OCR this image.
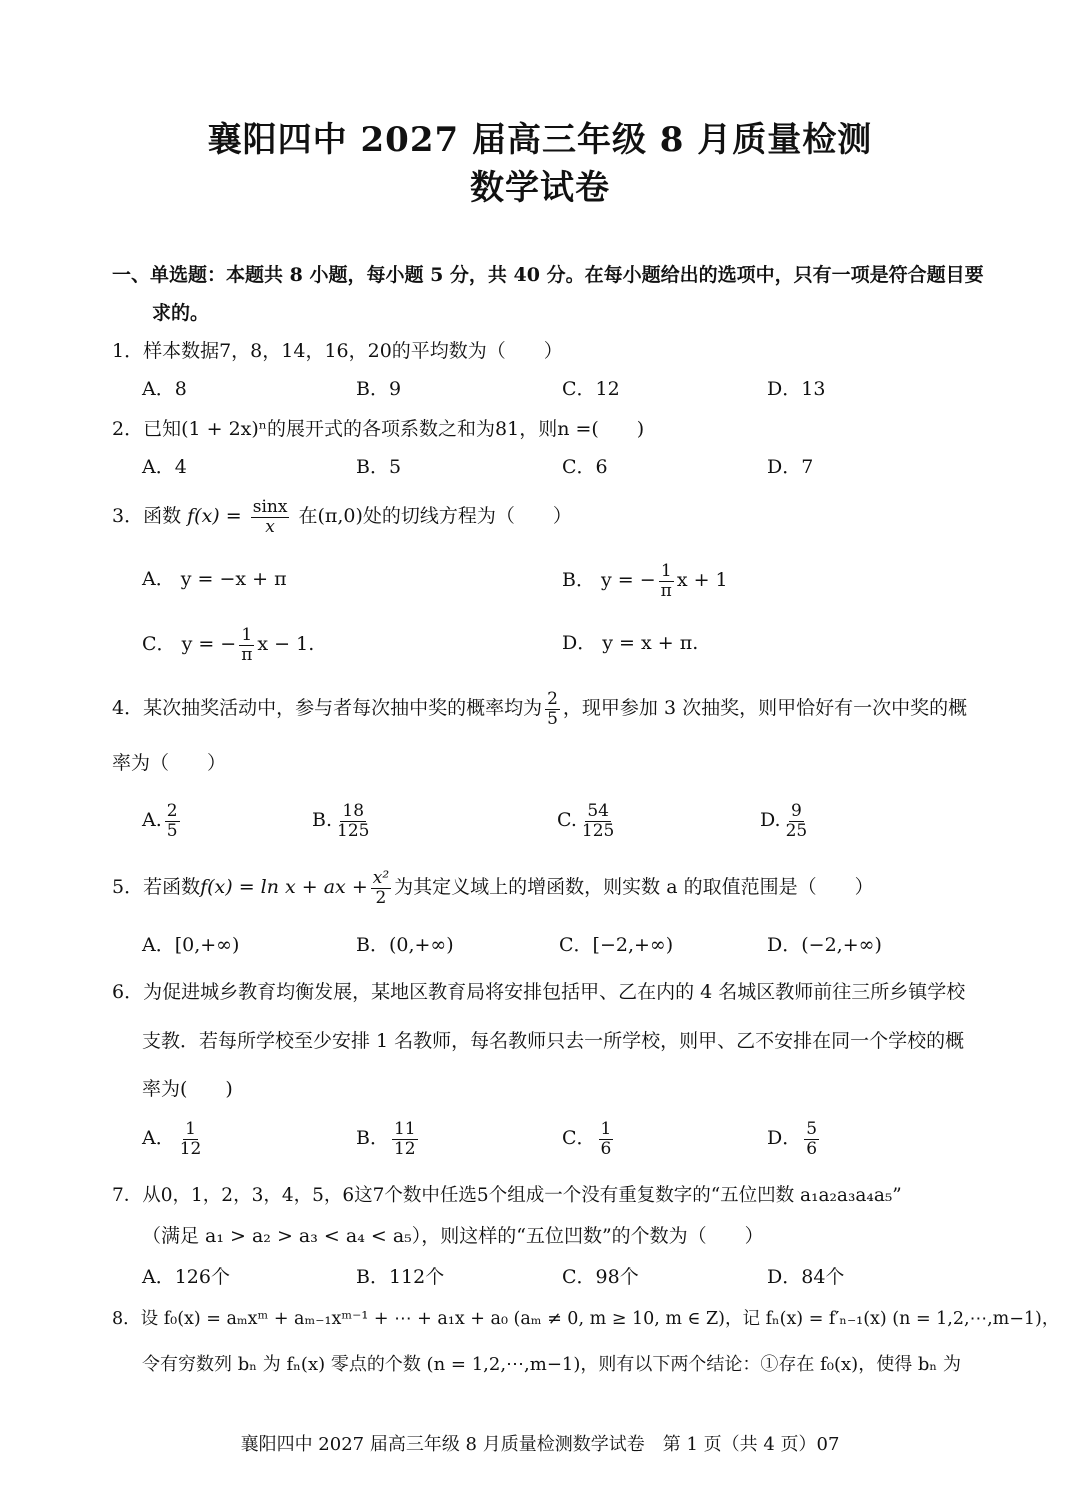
襄阳四中 2027 届高三年级 8 月质量检测
数学试卷
一、单选题：本题共 8 小题，每小题 5 分，共 40 分。在每小题给出的选项中，只有一项是符合题目要
求的。
1．样本数据7，8，14，16，20的平均数为（　　）
A．8	B．9	C．12	D．13
2．已知(1 + 2x)ⁿ的展开式的各项系数之和为81，则n =(　　)
A．4	B．5	C．6	D．7
3．函数 $f(x) = \frac{\sin x}{x}$ 在(π,0)处的切线方程为（　　）
A． y = −x + π	B． y = − $\frac{1}{\pi}$ x + 1
C． y = − $\frac{1}{\pi}$ x − 1.	D． y = x + π.
4．某次抽奖活动中，参与者每次抽中奖的概率均为 $\frac{2}{5}$ ，现甲参加 3 次抽奖，则甲恰好有一次中奖的概
率为（　　）
A. $\frac{2}{5}$	B. $\frac{18}{125}$	C. $\frac{54}{125}$	D. $\frac{9}{25}$
5．若函数f(x) = ln x + ax + $\frac{\text{x²}}{2}$ 为其定义域上的增函数，则实数 a 的取值范围是（　　）
A．[0,+∞)	B．(0,+∞)	C．[−2,+∞)	D．(−2,+∞)
6．为促进城乡教育均衡发展，某地区教育局将安排包括甲、乙在内的 4 名城区教师前往三所乡镇学校
支教．若每所学校至少安排 1 名教师，每名教师只去一所学校，则甲、乙不安排在同一个学校的概
率为(　　)
A． $\frac{1}{12}$	B． $\frac{11}{12}$	C． $\frac{1}{6}$	D． $\frac{5}{6}$
7．从0，1，2，3，4，5，6这7个数中任选5个组成一个没有重复数字的“五位凹数 a₁a₂a₃a₄a₅”
（满足 a₁ > a₂ > a₃ < a₄ < a₅），则这样的“五位凹数”的个数为（　　）
A．126个	B．112个	C．98个	D．84个
8．设 f₀(x) = aₘxᵐ + aₘ₋₁xᵐ⁻¹ + ⋯ + a₁x + a₀ (aₘ ≠ 0, m ≥ 10, m ∈ Z)，记 fₙ(x) = f′ₙ₋₁(x) (n = 1,2,⋯,m−1)，
令有穷数列 bₙ 为 fₙ(x) 零点的个数 (n = 1,2,⋯,m−1)，则有以下两个结论：①存在 f₀(x)，使得 bₙ 为
襄阳四中 2027 届高三年级 8 月质量检测数学试卷　第 1 页（共 4 页）07
